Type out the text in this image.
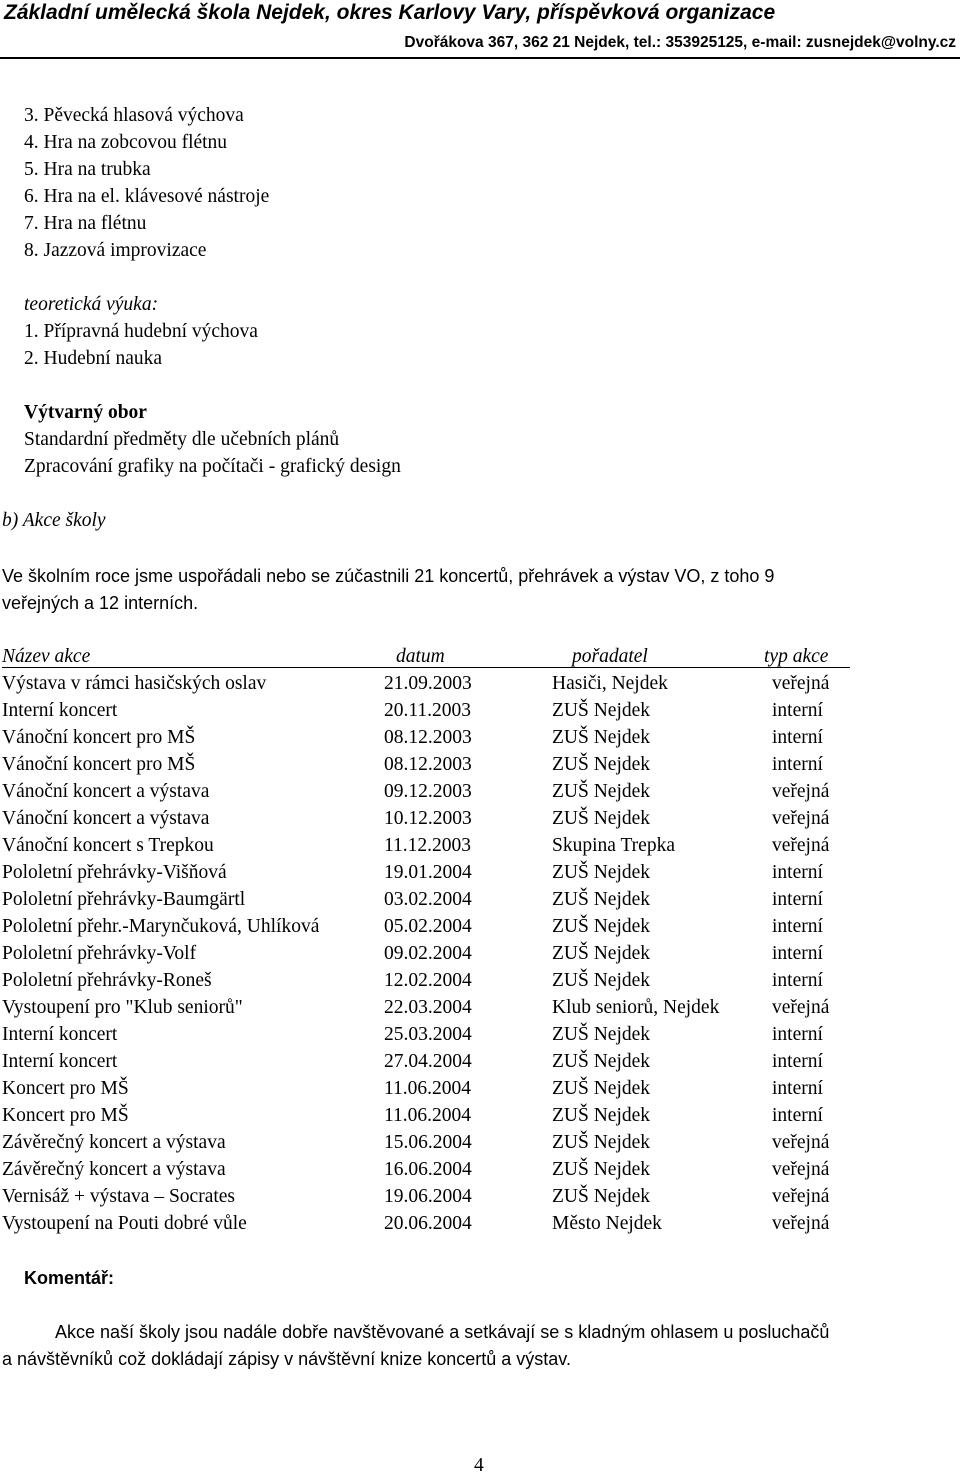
Základní umělecká škola Nejdek, okres Karlovy Vary, příspěvková organizace
Dvořákova 367, 362 21 Nejdek, tel.: 353925125, e-mail: zusnejdek@volny.cz
3. Pěvecká hlasová výchova
4. Hra na zobcovou flétnu
5. Hra na trubka
6. Hra na el. klávesové nástroje
7. Hra na flétnu
8. Jazzová improvizace
teoretická výuka:
1. Přípravná hudební výchova
2. Hudební nauka
Výtvarný obor
Standardní předměty dle učebních plánů
Zpracování grafiky na počítači - grafický design
b) Akce školy
Ve školním roce jsme uspořádali nebo se zúčastnili 21 koncertů, přehrávek a výstav VO, z toho 9
veřejných a 12 interních.
Název akce	datum	pořadatel	typ akce
Výstava v rámci hasičských oslav	21.09.2003	Hasiči, Nejdek	veřejná
Interní koncert	20.11.2003	ZUŠ Nejdek	interní
Vánoční koncert pro MŠ	08.12.2003	ZUŠ Nejdek	interní
Vánoční koncert pro MŠ	08.12.2003	ZUŠ Nejdek	interní
Vánoční koncert a výstava	09.12.2003	ZUŠ Nejdek	veřejná
Vánoční koncert a výstava	10.12.2003	ZUŠ Nejdek	veřejná
Vánoční koncert s Trepkou	11.12.2003	Skupina Trepka	veřejná
Pololetní přehrávky-Višňová	19.01.2004	ZUŠ Nejdek	interní
Pololetní přehrávky-Baumgärtl	03.02.2004	ZUŠ Nejdek	interní
Pololetní přehr.-Marynčuková, Uhlíková	05.02.2004	ZUŠ Nejdek	interní
Pololetní přehrávky-Volf	09.02.2004	ZUŠ Nejdek	interní
Pololetní přehrávky-Roneš	12.02.2004	ZUŠ Nejdek	interní
Vystoupení pro "Klub seniorů"	22.03.2004	Klub seniorů, Nejdek	veřejná
Interní koncert	25.03.2004	ZUŠ Nejdek	interní
Interní koncert	27.04.2004	ZUŠ Nejdek	interní
Koncert pro MŠ	11.06.2004	ZUŠ Nejdek	interní
Koncert pro MŠ	11.06.2004	ZUŠ Nejdek	interní
Závěrečný koncert a výstava	15.06.2004	ZUŠ Nejdek	veřejná
Závěrečný koncert a výstava	16.06.2004	ZUŠ Nejdek	veřejná
Vernisáž + výstava – Socrates	19.06.2004	ZUŠ Nejdek	veřejná
Vystoupení na Pouti dobré vůle	20.06.2004	Město Nejdek	veřejná
Komentář:
Akce naší školy jsou nadále dobře navštěvované a setkávají se s kladným ohlasem u posluchačů
a návštěvníků což dokládají zápisy v návštěvní knize koncertů a výstav.
4
